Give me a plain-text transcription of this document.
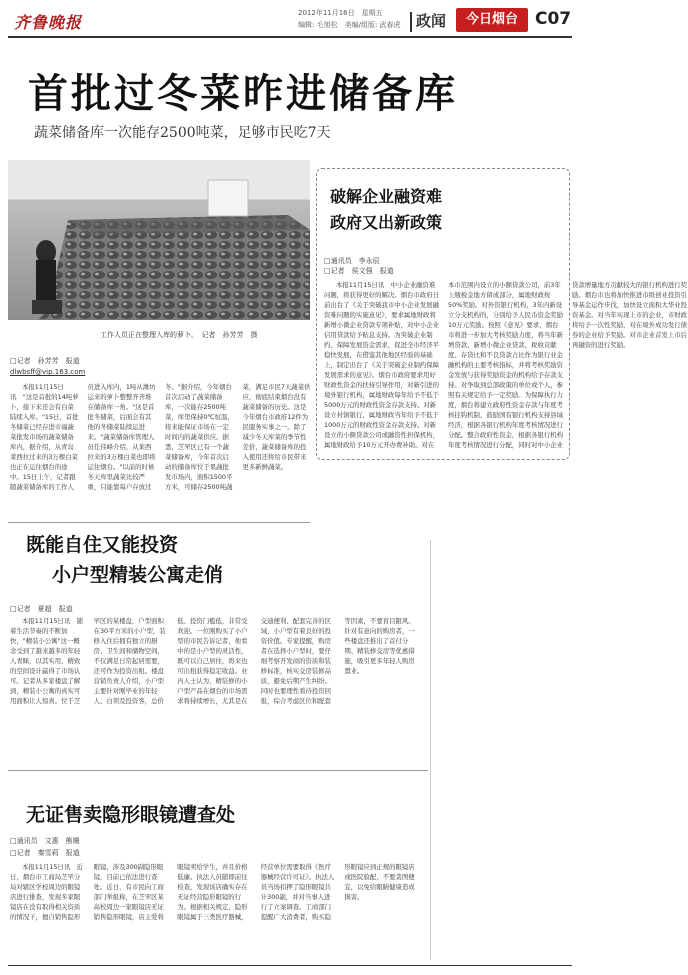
齐鲁晚报	2012年11月16日　星期五
编辑: 毛旭松　美编/组版: 武春虎 政闻	今日烟台	C07
首批过冬菜昨进储备库
蔬菜储备库一次能存2500吨菜，足够市民吃7天
工作人员正在整理入库的萝卜。　记者　孙芳芳　摄
□记者　孙芳芳　报道
dlwbsff@vip.163.com

本报11月15日讯　"这是首批的14吨萝卜，接下来还会有白菜陆续入库。"15日，首批冬储菜已经存进市福蔬菜批发市场的蔬菜储备库内，据介绍，从青岛莱西拉过来的3万棵白菜也正在运往烟台的途中。15日上午，记者跟随蔬菜储备库的工作人员进入库内，1吨从潍坊运来的萝卜整整齐齐堆在储备库一角。"这是首批冬储菜，后面会有其他的冬储菜陆续运进来。"蔬菜储备库管理人员任伟峰介绍，从莱西拉来的3万棵白菜也即将运往烟台。"以前的时候冬天库里蔬菜比较严重，只能靠每户存放过冬。"据介绍，今年烟台首次启动了蔬菜储备库，一次能存2500吨菜，库里保持0℃恒温，将来能保证市场在一定时间内的蔬菜供应。据悉，芝罘区已有一个蔬菜储备库，今年首次启动的储备库位于果蔬批发市场内，面积1500平方米，可储存2500吨蔬菜，满足市民7天蔬菜供应，彻底结束烟台没有蔬菜储备的历史。这是今年烟台市政府12件为民服务实事之一。除了减少冬天库菜的季节性差价，蔬菜储备库的投入使用还将给市民带来更多新鲜蔬菜。

破解企业融资难
政府又出新政策
□通讯员　李永辰
□记者　侯文强　报道

本报11月15日讯　中小企业融资难问题，将获得更好的解决。烟台市政府日前出台了《关于突破我市中小企业发展融资难问题的实施意见》，要求属地财政将新增小微企业贷款专项补贴，对中小企业信用贷款给予贴息支持。为突破企业制约、保障发展资金需求，促进全市经济平稳快发展，在借鉴其他地区经验的基础上，制定出台了《关于突破企业制约保障发展需求的意见》。烟台市政府要求用好财政性资金的扶持引导作用，对新引进的境外银行机构，属地财政每年给予不低于5000万元的财政性资金存款支持。对新设立村镇银行、属地财政当年给予不低于1000万元的财政性资金存款支持。对新设立的小额贷款公司或融资性担保机构，属地财政给予10万元开办费补助。对在本市范围内设立的小额贷款公司，前3年上缴税金地方留成部分，属地财政按50%奖励。对外资银行机构，3年内新设立分支机构的，分别给予人民币资金奖励10万元奖励。按照《意见》要求，烟台市将进一步加大考核奖励力度，将当年新增贷款、新增小微企业贷款、税收贡献度、存贷比和不良贷款占比作为银行业金融机构的主要考核指标，并将考核奖励资金发放与获得奖励资金的机构给予存款支持。对争取到总部政策的单位或个人，参照有关规定给予一定奖励。为保障执行力度，烟台将建立政府性资金存款与年度考核挂钩机制，鼓励国有银行机构支持县域经济，根据各银行机构年度考核情况进行分配。整合政府性资金，根据各银行机构年度考核情况进行分配，同时对中小企业贷款增量地方贡献较大的银行机构进行奖励。烟台市也将加快推进市级创业投资引导基金运作步伐，加快设立面积大华业投资基金。对当年实现上市的企业，市财政将给予一次性奖励，对在境外成功发行债券的企业给予奖励。对市企业首发上市后再融资的进行奖励。

既能自住又能投资
小户型精装公寓走俏
□记者　夏超　报道

本报11月15日讯　随着生活节奏的不断加快，"精装小公寓"这一概念受到了越来越多的年轻人青睐，以其实用、精致的空间设计赢得了市场认可。记者从多家楼盘了解到，精装小公寓的真实可用面积让人惊喜。位于芝罘区的某楼盘，户型面积在30平方米的小户型，装修入住后拥有独立的厨房、卫生间和储物空间，不仅满足日常起居需要，还可作为投资出租。楼盘营销负责人介绍，小户型主要针对刚毕业的年轻人、白领及投资客，总价低、投资门槛低，非常受欢迎。一位刚购买了小户型的市民告诉记者，他看中的是小户型的灵活性，既可以自己居住，将来也可出租获得稳定收益。业内人士认为，精装修的小户型产品在烟台的市场需求将持续增长，尤其是在交通便利、配套完善的区域，小户型有着良好的投资价值。专家提醒，购房者在选择小户型时，要仔细考察开发商的资质和装修标准，核实交房装修品质，避免后期产生纠纷。同时也要理性看待投资回报，综合考虑区位和配套等因素，不要盲目跟风。针对有意向的购房者，一些楼盘还推出了首付分期、精装修交房等优惠措施，吸引更多年轻人购房置业。

无证售卖隐形眼镜遭查处
□通讯员　文惠　熊姗
□记者　秦雪莉　报道

本报11月15日讯　近日，烟台市工商局芝罘分局对辖区学校周边的眼镜店进行排查，发现多家眼镜店在没有取得相关资质的情况下，擅自销售隐形眼镜，涉及300副隐形眼镜，目前已依法进行查处。近日，有市民向工商部门举报称，在芝罘区某高校周边一家眼镜店无证销售隐形眼镜，店主爱将眼镜卖给学生，并且价格低廉。执法人员随即前往检查，发现该店确实存在无证经营隐形眼镜的行为。根据相关规定，隐形眼镜属于三类医疗器械，经营单位需要取得《医疗器械经营许可证》。执法人员当场扣押了隐形眼镜共计300副，并对当事人进行了立案调查。工商部门提醒广大消费者，购买隐形眼镜应到正规的眼镜店或医院验配，不要贪图便宜，以免给眼睛健康造成损害。
